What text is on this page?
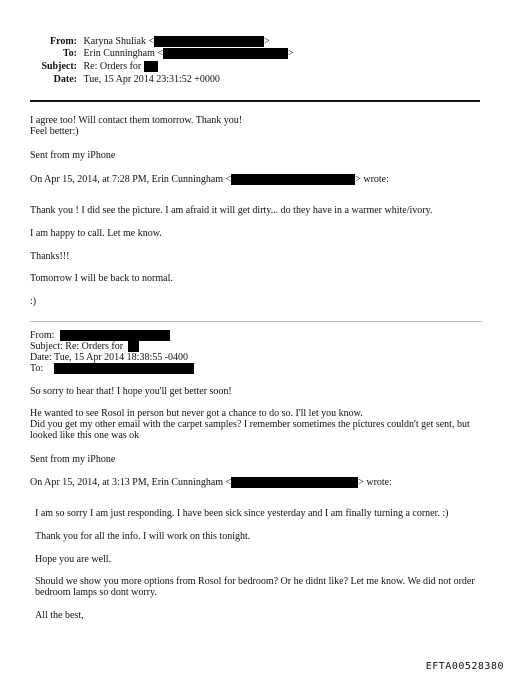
From: Karyna Shuliak <	>
To: Erin Cunningham <	>
Subject: Re: Orders for
Date: Tue, 15 Apr 2014 23:31:52 +0000
I agree too! Will contact them tomorrow. Thank you!
Feel better:)
Sent from my iPhone
On Apr 15, 2014, at 7:28 PM, Erin Cunningham <	> wrote:
Thank you ! I did see the picture. I am afraid it will get dirty... do they have in a warmer white/ivory.
I am happy to call. Let me know.
Thanks!!!
Tomorrow I will be back to normal.
:)
From:
Subject: Re: Orders for
Date: Tue, 15 Apr 2014 18:38:55 -0400
To:
So sorry to hear that! I hope you'll get better soon!
He wanted to see Rosol in person but never got a chance to do so. I'll let you know.
Did you get my other email with the carpet samples? I remember sometimes the pictures couldn't get sent, but
looked like this one was ok
Sent from my iPhone
On Apr 15, 2014, at 3:13 PM, Erin Cunningham <	> wrote:
I am so sorry I am just responding. I have been sick since yesterday and I am finally turning a corner. :)
Thank you for all the info. I will work on this tonight.
Hope you are well.
Should we show you more options from Rosol for bedroom? Or he didnt like? Let me know. We did not order
bedroom lamps so dont worry.
All the best,
EFTA00528380
